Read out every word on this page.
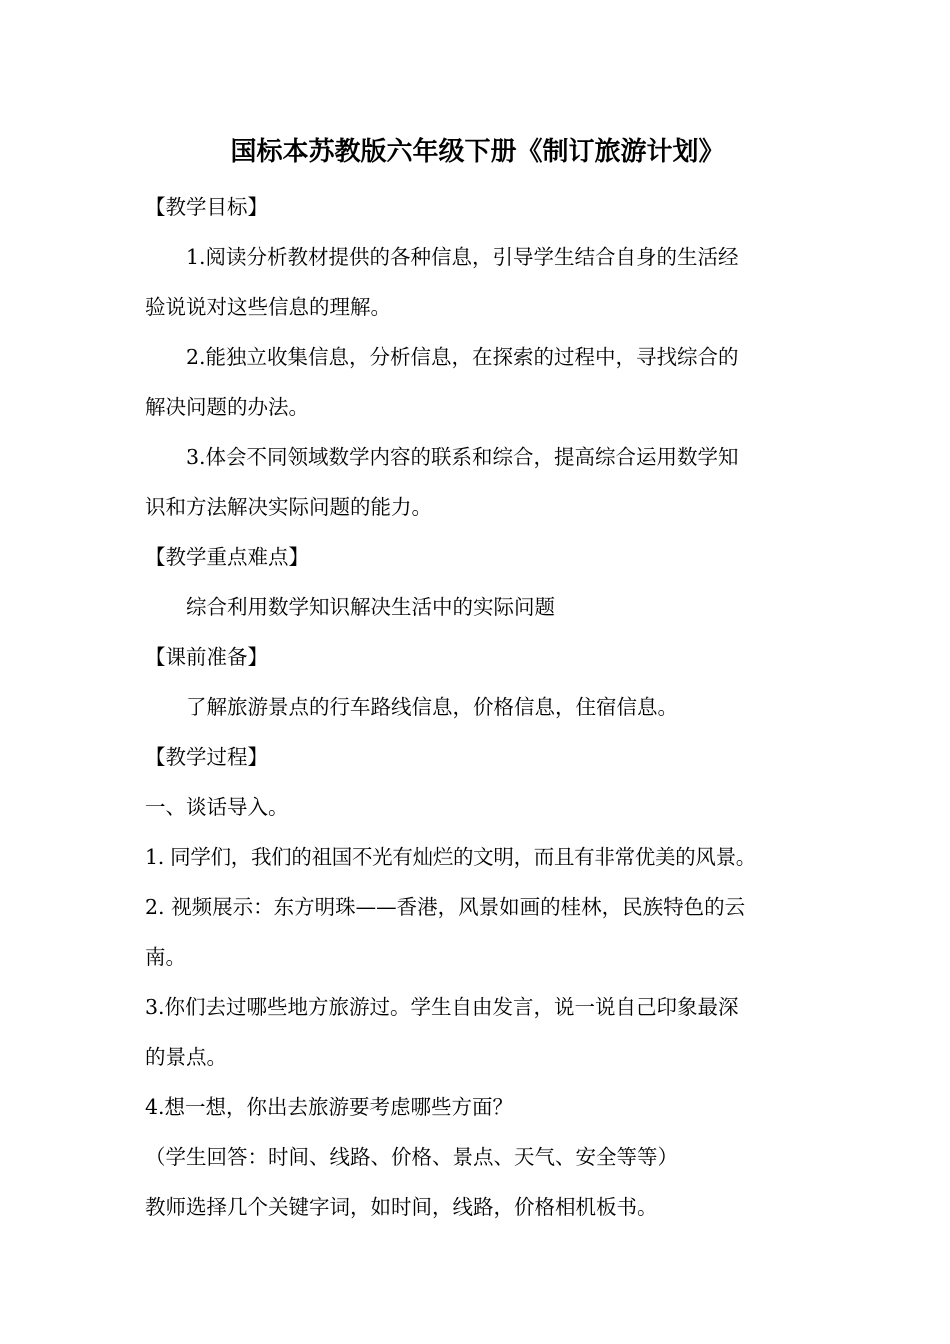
国标本苏教版六年级下册《制订旅游计划》

【教学目标】

1.阅读分析教材提供的各种信息，引导学生结合自身的生活经

验说说对这些信息的理解。

2.能独立收集信息，分析信息，在探索的过程中，寻找综合的

解决问题的办法。

3.体会不同领域数学内容的联系和综合，提高综合运用数学知

识和方法解决实际问题的能力。

【教学重点难点】

综合利用数学知识解决生活中的实际问题

【课前准备】

了解旅游景点的行车路线信息，价格信息，住宿信息。

【教学过程】

一、谈话导入。

1. 同学们，我们的祖国不光有灿烂的文明，而且有非常优美的风景。

2. 视频展示：东方明珠——香港，风景如画的桂林，民族特色的云

南。

3.你们去过哪些地方旅游过。学生自由发言，说一说自己印象最深

的景点。

4.想一想，你出去旅游要考虑哪些方面？

（学生回答：时间、线路、价格、景点、天气、安全等等）

教师选择几个关键字词，如时间，线路，价格相机板书。
